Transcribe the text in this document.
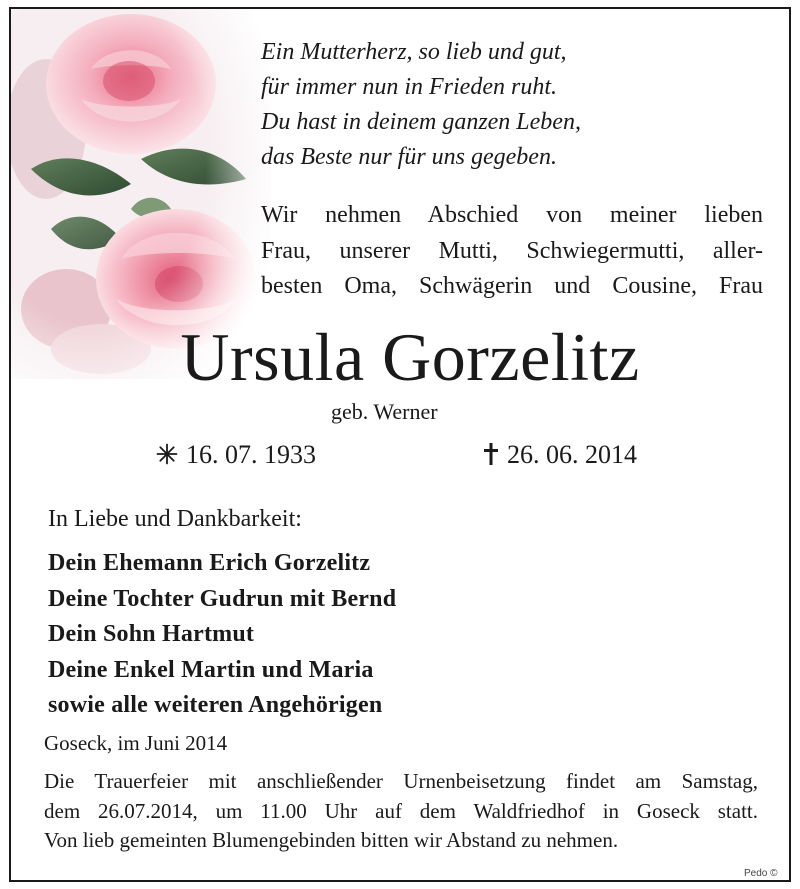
Ein Mutterherz, so lieb und gut,
für immer nun in Frieden ruht.
Du hast in deinem ganzen Leben,
das Beste nur für uns gegeben.
Wir nehmen Abschied von meiner lieben
Frau, unserer Mutti, Schwiegermutti, aller-
besten Oma, Schwägerin und Cousine, Frau
Ursula Gorzelitz
geb. Werner
16. 07. 1933	26. 06. 2014
In Liebe und Dankbarkeit:
Dein Ehemann Erich Gorzelitz
Deine Tochter Gudrun mit Bernd
Dein Sohn Hartmut
Deine Enkel Martin und Maria
sowie alle weiteren Angehörigen
Goseck, im Juni 2014
Die Trauerfeier mit anschließender Urnenbeisetzung findet am Samstag,
dem 26.07.2014, um 11.00 Uhr auf dem Waldfriedhof in Goseck statt.
Von lieb gemeinten Blumengebinden bitten wir Abstand zu nehmen.
Pedo ©
